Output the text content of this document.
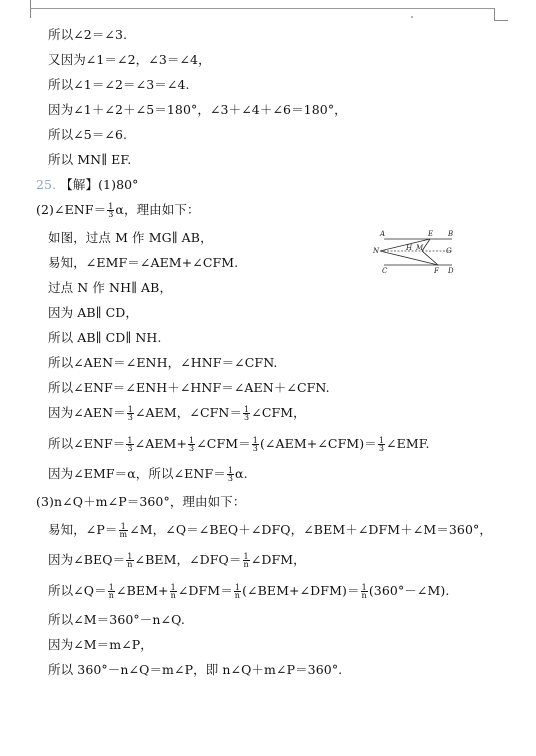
所以∠2＝∠3.
又因为∠1＝∠2，∠3＝∠4，
所以∠1＝∠2＝∠3＝∠4.
因为∠1＋∠2＋∠5＝180°，∠3＋∠4＋∠6＝180°，
所以∠5＝∠6.
所以 MN∥ EF.
25. 【解】(1)80°
(2)∠ENF＝ $\frac{1}{3}$ α，理由如下：
如图，过点 M 作 MG∥ AB，
易知，∠EMF＝∠AEM+∠CFM.
过点 N 作 NH∥ AB，
因为 AB∥ CD，
所以 AB∥ CD∥ NH.
所以∠AEN＝∠ENH，∠HNF＝∠CFN.
所以∠ENF＝∠ENH＋∠HNF＝∠AEN＋∠CFN.
因为∠AEN＝ $\frac{1}{3}$ ∠AEM，∠CFN＝ $\frac{1}{3}$ ∠CFM，
所以∠ENF＝ $\frac{1}{3}$ ∠AEM+ $\frac{1}{3}$ ∠CFM＝ $\frac{1}{3}$ (∠AEM+∠CFM)＝ $\frac{1}{3}$ ∠EMF.
因为∠EMF＝α，所以∠ENF＝ $\frac{1}{3} \alpha$.
(3)n∠Q＋m∠P＝360°，理由如下：
易知，∠P＝ $\frac{1}{m}$ ∠M，∠Q＝∠BEQ＋∠DFQ，∠BEM＋∠DFM＋∠M＝360°，
因为∠BEQ＝ $\frac{1}{n}$ ∠BEM，∠DFQ＝ $\frac{1}{n}$ ∠DFM，
所以∠Q＝ $\frac{1}{n}$ ∠BEM+ $\frac{1}{n}$ ∠DFM＝ $\frac{1}{n}$ (∠BEM+∠DFM)＝ $\frac{1}{n}$ (360°－∠M).
所以∠M＝360°－n∠Q.
因为∠M＝m∠P，
所以 360°－n∠Q＝m∠P，即 n∠Q＋m∠P＝360°.
A	E B
N	H M	G
C	F D
